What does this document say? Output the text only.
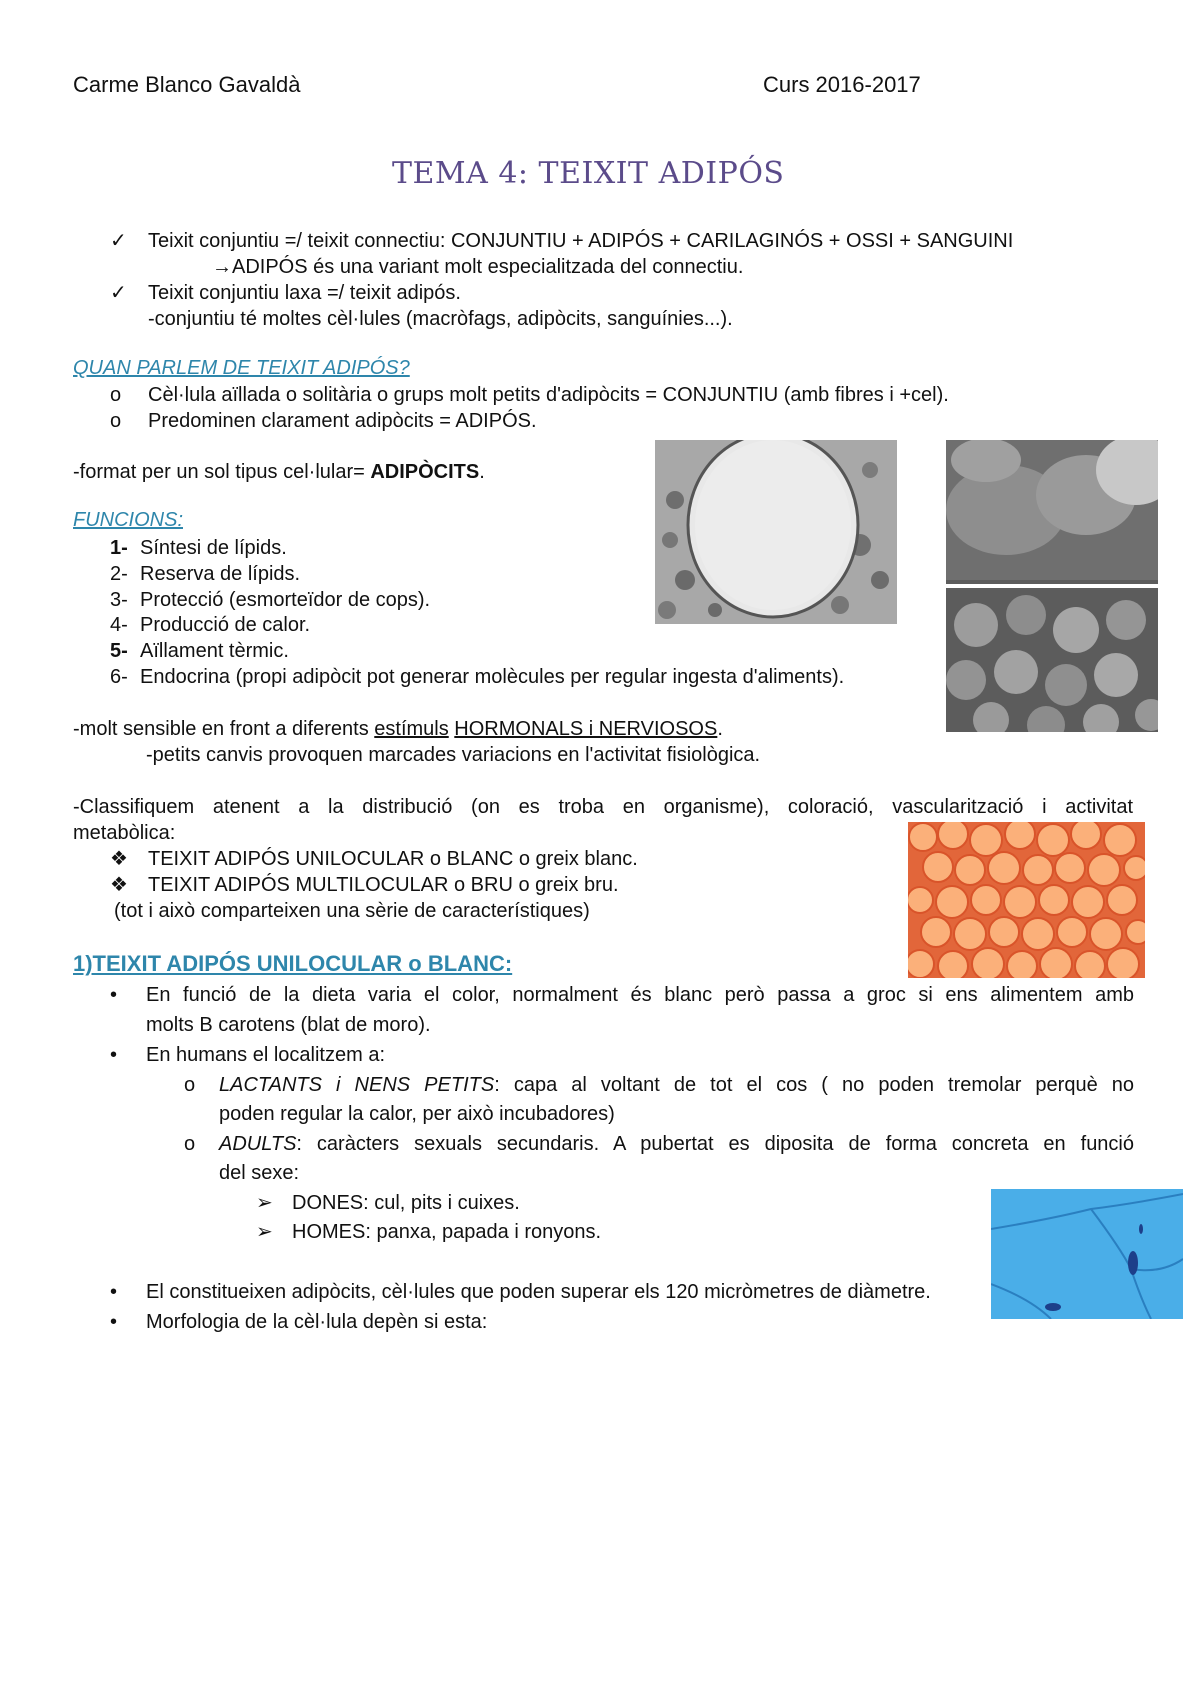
Carme Blanco Gavaldà	Curs 2016-2017
TEMA 4: TEIXIT ADIPÓS
✓ Teixit conjuntiu =/ teixit connectiu: CONJUNTIU + ADIPÓS + CARILAGINÓS + OSSI + SANGUINI
→ADIPÓS és una variant molt especialitzada del connectiu.
✓ Teixit conjuntiu laxa =/ teixit adipós.
-conjuntiu té moltes cèl·lules (macròfags, adipòcits, sanguínies...).
QUAN PARLEM DE TEIXIT ADIPÓS?
o Cèl·lula aïllada o solitària o grups molt petits d'adipòcits = CONJUNTIU (amb fibres i +cel).
o Predominen clarament adipòcits = ADIPÓS.
-format per un sol tipus cel·lular= ADIPÒCITS.
FUNCIONS:
1- Síntesi de lípids.
2- Reserva de lípids.
3- Protecció (esmorteïdor de cops).
4- Producció de calor.
5- Aïllament tèrmic.
6- Endocrina (propi adipòcit pot generar molècules per regular ingesta d'aliments).
-molt sensible en front a diferents estímuls HORMONALS i NERVIOSOS.
-petits canvis provoquen marcades variacions en l'activitat fisiològica.
-Classifiquem atenent a la distribució (on es troba en organisme), coloració, vascularització i activitat
metabòlica:
❖ TEIXIT ADIPÓS UNILOCULAR o BLANC o greix blanc.
❖ TEIXIT ADIPÓS MULTILOCULAR o BRU o greix bru.
(tot i això comparteixen una sèrie de característiques)
1)TEIXIT ADIPÓS UNILOCULAR o BLANC:
• En funció de la dieta varia el color, normalment és blanc però passa a groc si ens alimentem amb
molts B carotens (blat de moro).
• En humans el localitzem a:
o LACTANTS i NENS PETITS: capa al voltant de tot el cos ( no poden tremolar perquè no
poden regular la calor, per això incubadores)
o ADULTS: caràcters sexuals secundaris. A pubertat es diposita de forma concreta en funció
del sexe:
➢ DONES: cul, pits i cuixes.
➢ HOMES: panxa, papada i ronyons.
• El constitueixen adipòcits, cèl·lules que poden superar els 120 micròmetres de diàmetre.
• Morfologia de la cèl·lula depèn si esta:
